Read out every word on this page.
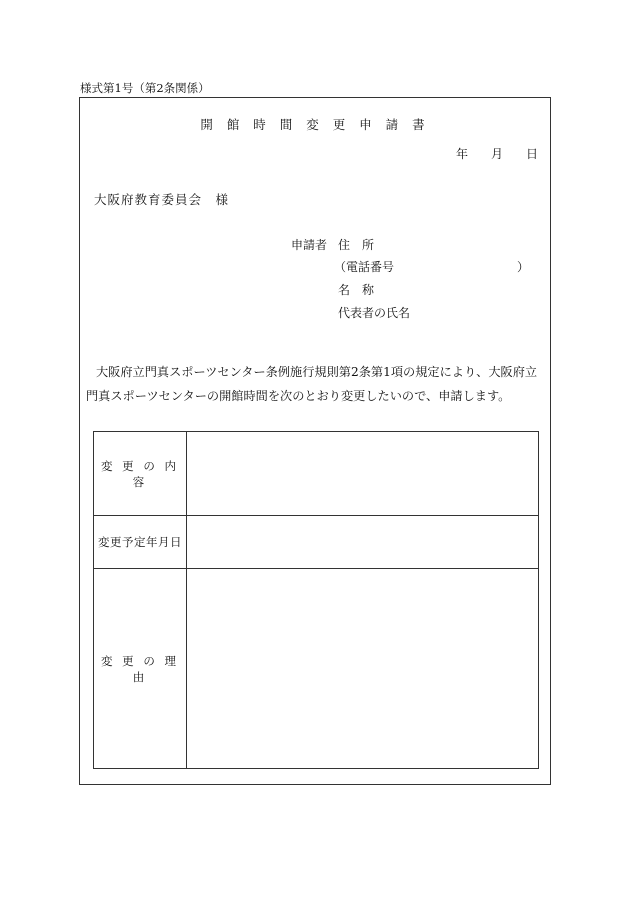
様式第1号（第2条関係）
開 館 時 間 変 更 申 請 書
年 月 日
大阪府教育委員会　様
申請者 住　所
（電話番号	）
名　称
代表者の氏名
大阪府立門真スポーツセンター条例施行規則第2条第1項の規定により、大阪府立門真スポーツセンターの開館時間を次のとおり変更したいので、申請します。
変 更 の 内 容	
変更予定年月日	
変 更 の 理 由	
